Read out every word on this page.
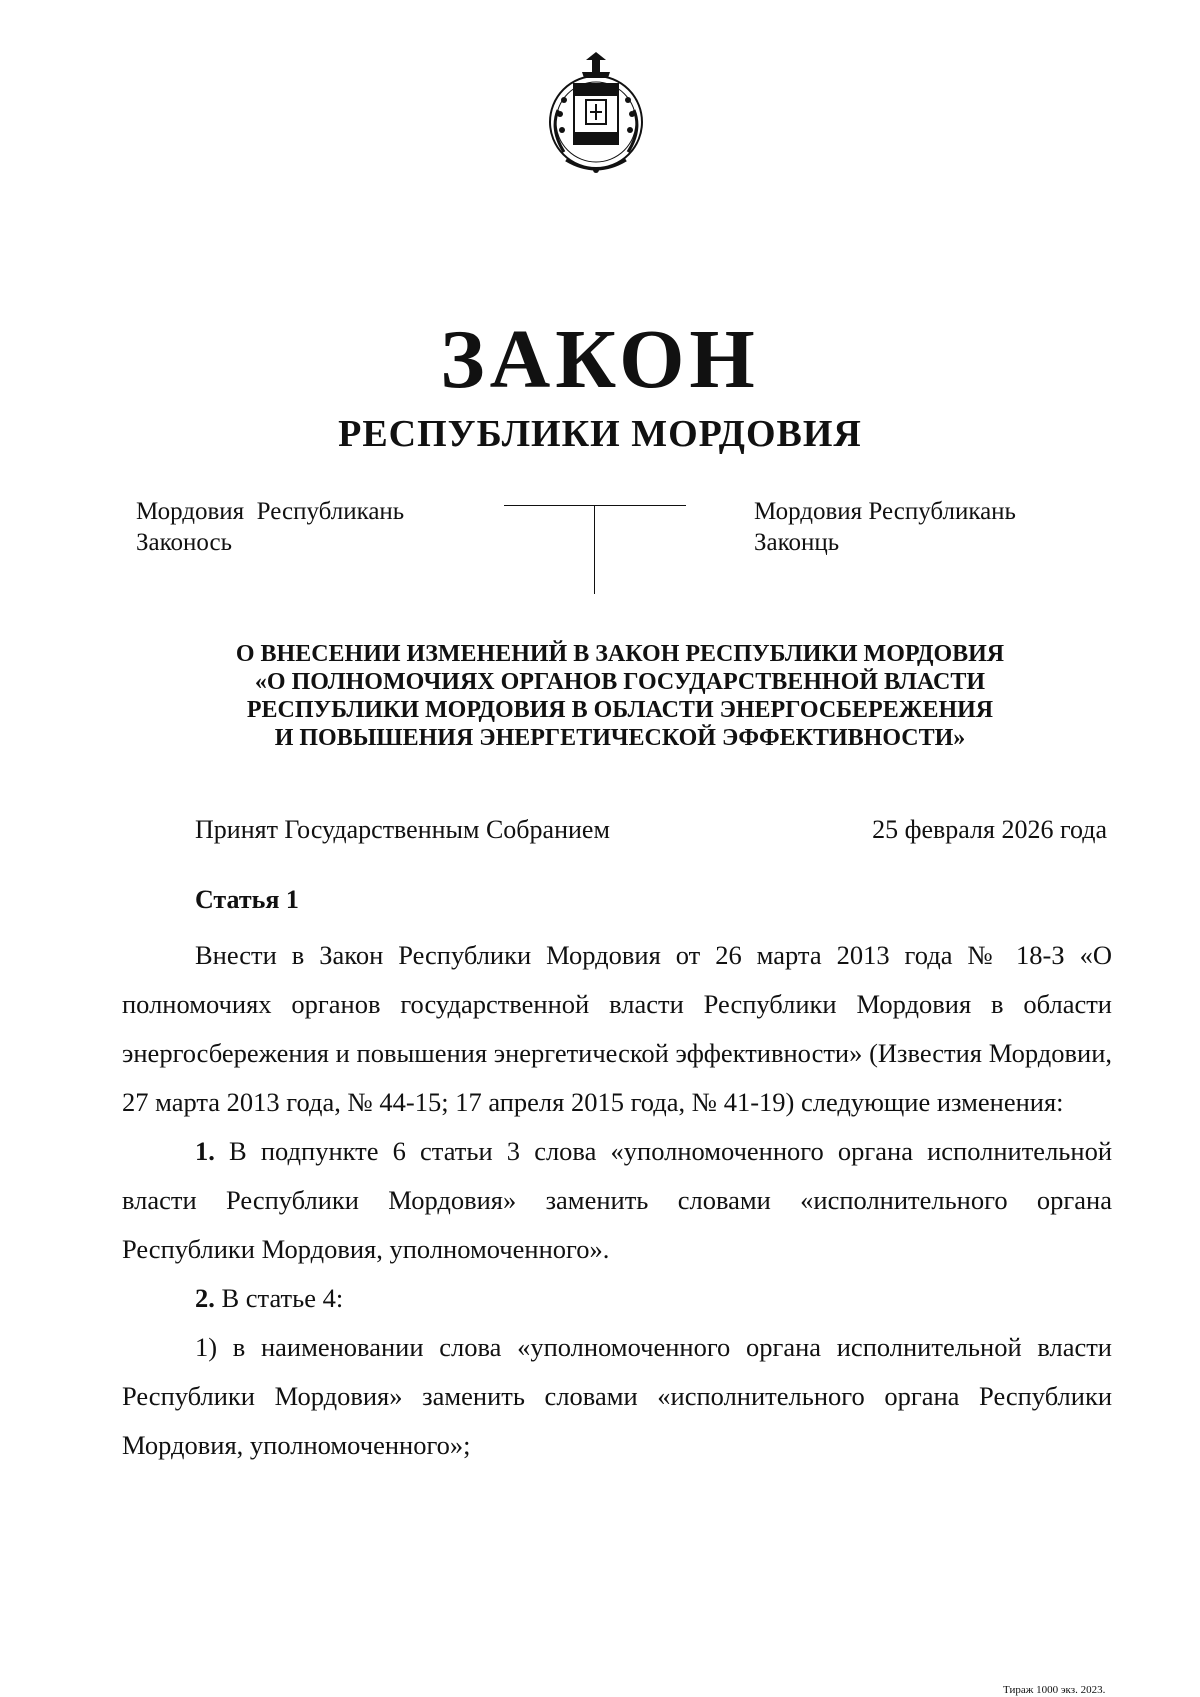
ЗАКОН
РЕСПУБЛИКИ МОРДОВИЯ
Мордовия  Республикань
Законось
Мордовия Республикань
Законць
О ВНЕСЕНИИ ИЗМЕНЕНИЙ В ЗАКОН РЕСПУБЛИКИ МОРДОВИЯ
«О ПОЛНОМОЧИЯХ ОРГАНОВ ГОСУДАРСТВЕННОЙ ВЛАСТИ
РЕСПУБЛИКИ МОРДОВИЯ В ОБЛАСТИ ЭНЕРГОСБЕРЕЖЕНИЯ
И ПОВЫШЕНИЯ ЭНЕРГЕТИЧЕСКОЙ ЭФФЕКТИВНОСТИ»
Принят Государственным Собранием	25 февраля 2026 года
Статья 1

Внести в Закон Республики Мордовия от 26 марта 2013 года № 18-З «О полномочиях органов государственной власти Республики Мордовия в области энергосбережения и повышения энергетической эффективности» (Известия Мордовии, 27 марта 2013 года, № 44-15; 17 апреля 2015 года, № 41-19) следующие изменения:

1. В подпункте 6 статьи 3 слова «уполномоченного органа исполнительной власти Республики Мордовия» заменить словами «исполнительного органа Республики Мордовия, уполномоченного».

2. В статье 4:

1) в наименовании слова «уполномоченного органа исполнительной власти Республики Мордовия» заменить словами «исполнительного органа Республики Мордовия, уполномоченного»;

Тираж 1000 экз. 2023.
